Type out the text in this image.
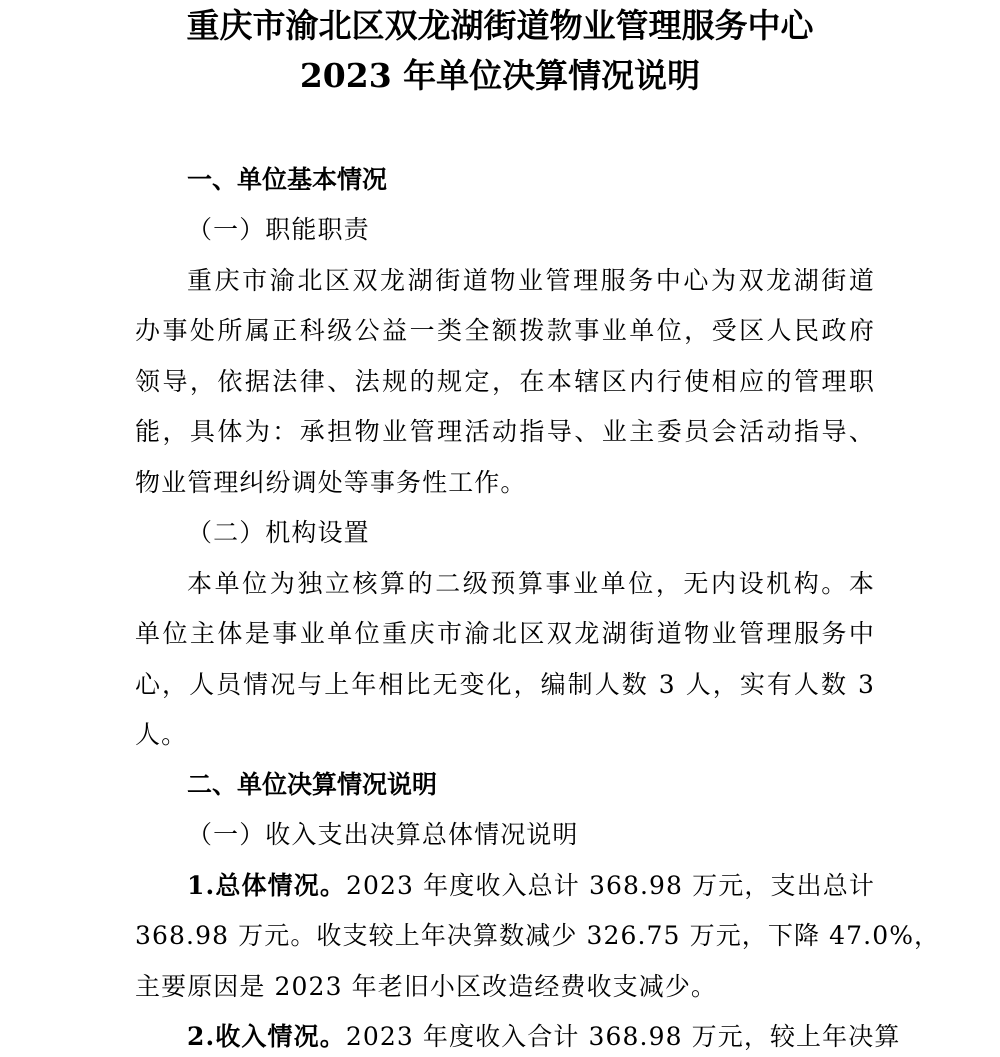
重庆市渝北区双龙湖街道物业管理服务中心
2023 年单位决算情况说明
一、单位基本情况
（一）职能职责
重庆市渝北区双龙湖街道物业管理服务中心为双龙湖街道
办事处所属正科级公益一类全额拨款事业单位，受区人民政府
领导，依据法律、法规的规定，在本辖区内行使相应的管理职
能，具体为：承担物业管理活动指导、业主委员会活动指导、
物业管理纠纷调处等事务性工作。
（二）机构设置
本单位为独立核算的二级预算事业单位，无内设机构。本
单位主体是事业单位重庆市渝北区双龙湖街道物业管理服务中
心，人员情况与上年相比无变化，编制人数 3 人，实有人数 3
人。
二、单位决算情况说明
（一）收入支出决算总体情况说明
1.总体情况。2023 年度收入总计 368.98 万元，支出总计
368.98 万元。收支较上年决算数减少 326.75 万元，下降 47.0%，
主要原因是 2023 年老旧小区改造经费收支减少。
2.收入情况。2023 年度收入合计 368.98 万元，较上年决算
